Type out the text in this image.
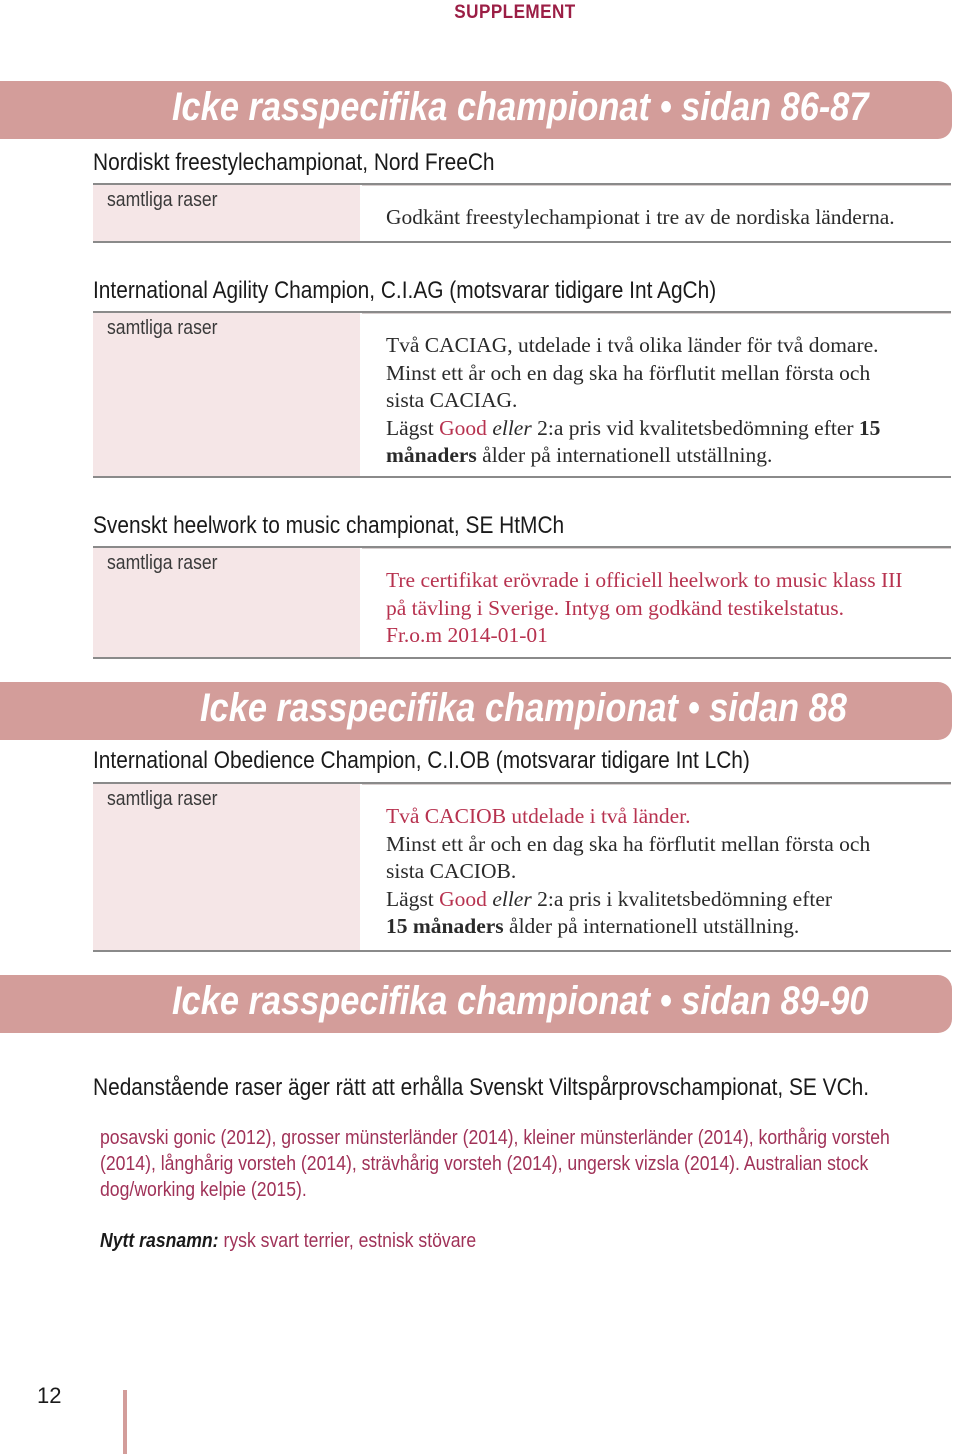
SUPPLEMENT
Icke rasspecifika championat • sidan 86-87
Nordiskt freestylechampionat, Nord FreeCh
samtliga raser
Godkänt freestylechampionat i tre av de nordiska länderna.
International Agility Champion, C.I.AG (motsvarar tidigare Int AgCh)
samtliga raser
Två CACIAG, utdelade i två olika länder för två domare.
Minst ett år och en dag ska ha förflutit mellan första och
sista CACIAG.
Lägst Good eller 2:a pris vid kvalitetsbedömning efter 15
månaders ålder på internationell utställning.
Svenskt heelwork to music championat, SE HtMCh
samtliga raser
Tre certifikat erövrade i officiell heelwork to music klass III
på tävling i Sverige. Intyg om godkänd testikelstatus.
Fr.o.m 2014-01-01
Icke rasspecifika championat • sidan 88
International Obedience Champion, C.I.OB (motsvarar tidigare Int LCh)
samtliga raser
Två CACIOB utdelade i två länder.
Minst ett år och en dag ska ha förflutit mellan första och
sista CACIOB.
Lägst Good eller 2:a pris i kvalitetsbedömning efter
15 månaders ålder på internationell utställning.
Icke rasspecifika championat • sidan 89-90
Nedanstående raser äger rätt att erhålla Svenskt Viltspårprovschampionat, SE VCh.
posavski gonic (2012), grosser münsterländer (2014), kleiner münsterländer (2014), korthårig vorsteh (2014), långhårig vorsteh (2014), strävhårig vorsteh (2014), ungersk vizsla (2014). Australian stock dog/working kelpie (2015).
Nytt rasnamn: rysk svart terrier, estnisk stövare
12
